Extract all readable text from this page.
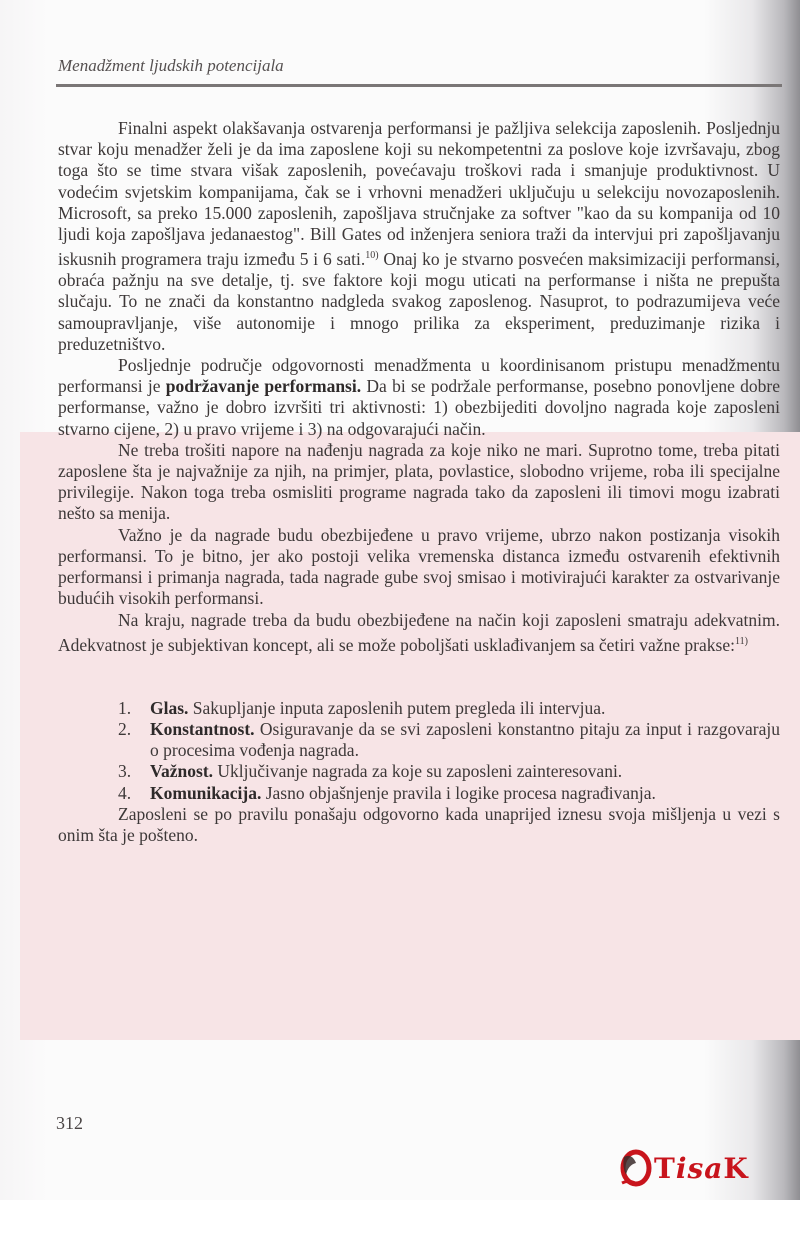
Menadžment ljudskih potencijala

Finalni aspekt olakšavanja ostvarenja performansi je pažljiva selekcija zaposlenih. Posljednju stvar koju menadžer želi je da ima zaposlene koji su nekompetentni za poslove koje izvršavaju, zbog toga što se time stvara višak zaposlenih, povećavaju troškovi rada i smanjuje produktivnost. U vodećim svjetskim kompanijama, čak se i vrhovni menadžeri uključuju u selekciju novozaposlenih. Microsoft, sa preko 15.000 zaposlenih, zapošljava stručnjake za softver "kao da su kompanija od 10 ljudi koja zapošljava jedanaestog". Bill Gates od inženjera seniora traži da intervjui pri zapošljavanju iskusnih programera traju između 5 i 6 sati.$^{10)}$ Onaj ko je stvarno posvećen maksimizaciji performansi, obraća pažnju na sve detalje, tj. sve faktore koji mogu uticati na performanse i ništa ne prepušta slučaju. To ne znači da konstantno nadgleda svakog zaposlenog. Nasuprot, to podrazumijeva veće samoupravljanje, više autonomije i mnogo prilika za eksperiment, preduzimanje rizika i preduzetništvo.

Posljednje područje odgovornosti menadžmenta u koordinisanom pristupu menadžmentu performansi je podržavanje performansi. Da bi se podržale performanse, posebno ponovljene dobre performanse, važno je dobro izvršiti tri aktivnosti: 1) obezbijediti dovoljno nagrada koje zaposleni stvarno cijene, 2) u pravo vrijeme i 3) na odgovarajući način.

Ne treba trošiti napore na nađenju nagrada za koje niko ne mari. Suprotno tome, treba pitati zaposlene šta je najvažnije za njih, na primjer, plata, povlastice, slobodno vrijeme, roba ili specijalne privilegije. Nakon toga treba osmisliti programe nagrada tako da zaposleni ili timovi mogu izabrati nešto sa menija.

Važno je da nagrade budu obezbijeđene u pravo vrijeme, ubrzo nakon postizanja visokih performansi. To je bitno, jer ako postoji velika vremenska distanca između ostvarenih efektivnih performansi i primanja nagrada, tada nagrade gube svoj smisao i motivirajući karakter za ostvarivanje budućih visokih performansi.

Na kraju, nagrade treba da budu obezbijeđene na način koji zaposleni smatraju adekvatnim. Adekvatnost je subjektivan koncept, ali se može poboljšati usklađivanjem sa četiri važne prakse:$^{11)}$

1. Glas. Sakupljanje inputa zaposlenih putem pregleda ili intervjua.
2. Konstantnost. Osiguravanje da se svi zaposleni konstantno pitaju za input i razgovaraju o procesima vođenja nagrada.
3. Važnost. Uključivanje nagrada za koje su zaposleni zainteresovani.
4. Komunikacija. Jasno objašnjenje pravila i logike procesa nagrađivanja.

Zaposleni se po pravilu ponašaju odgovorno kada unaprijed iznesu svoja mišljenja u vezi s onim šta je pošteno.

312
TisaK
